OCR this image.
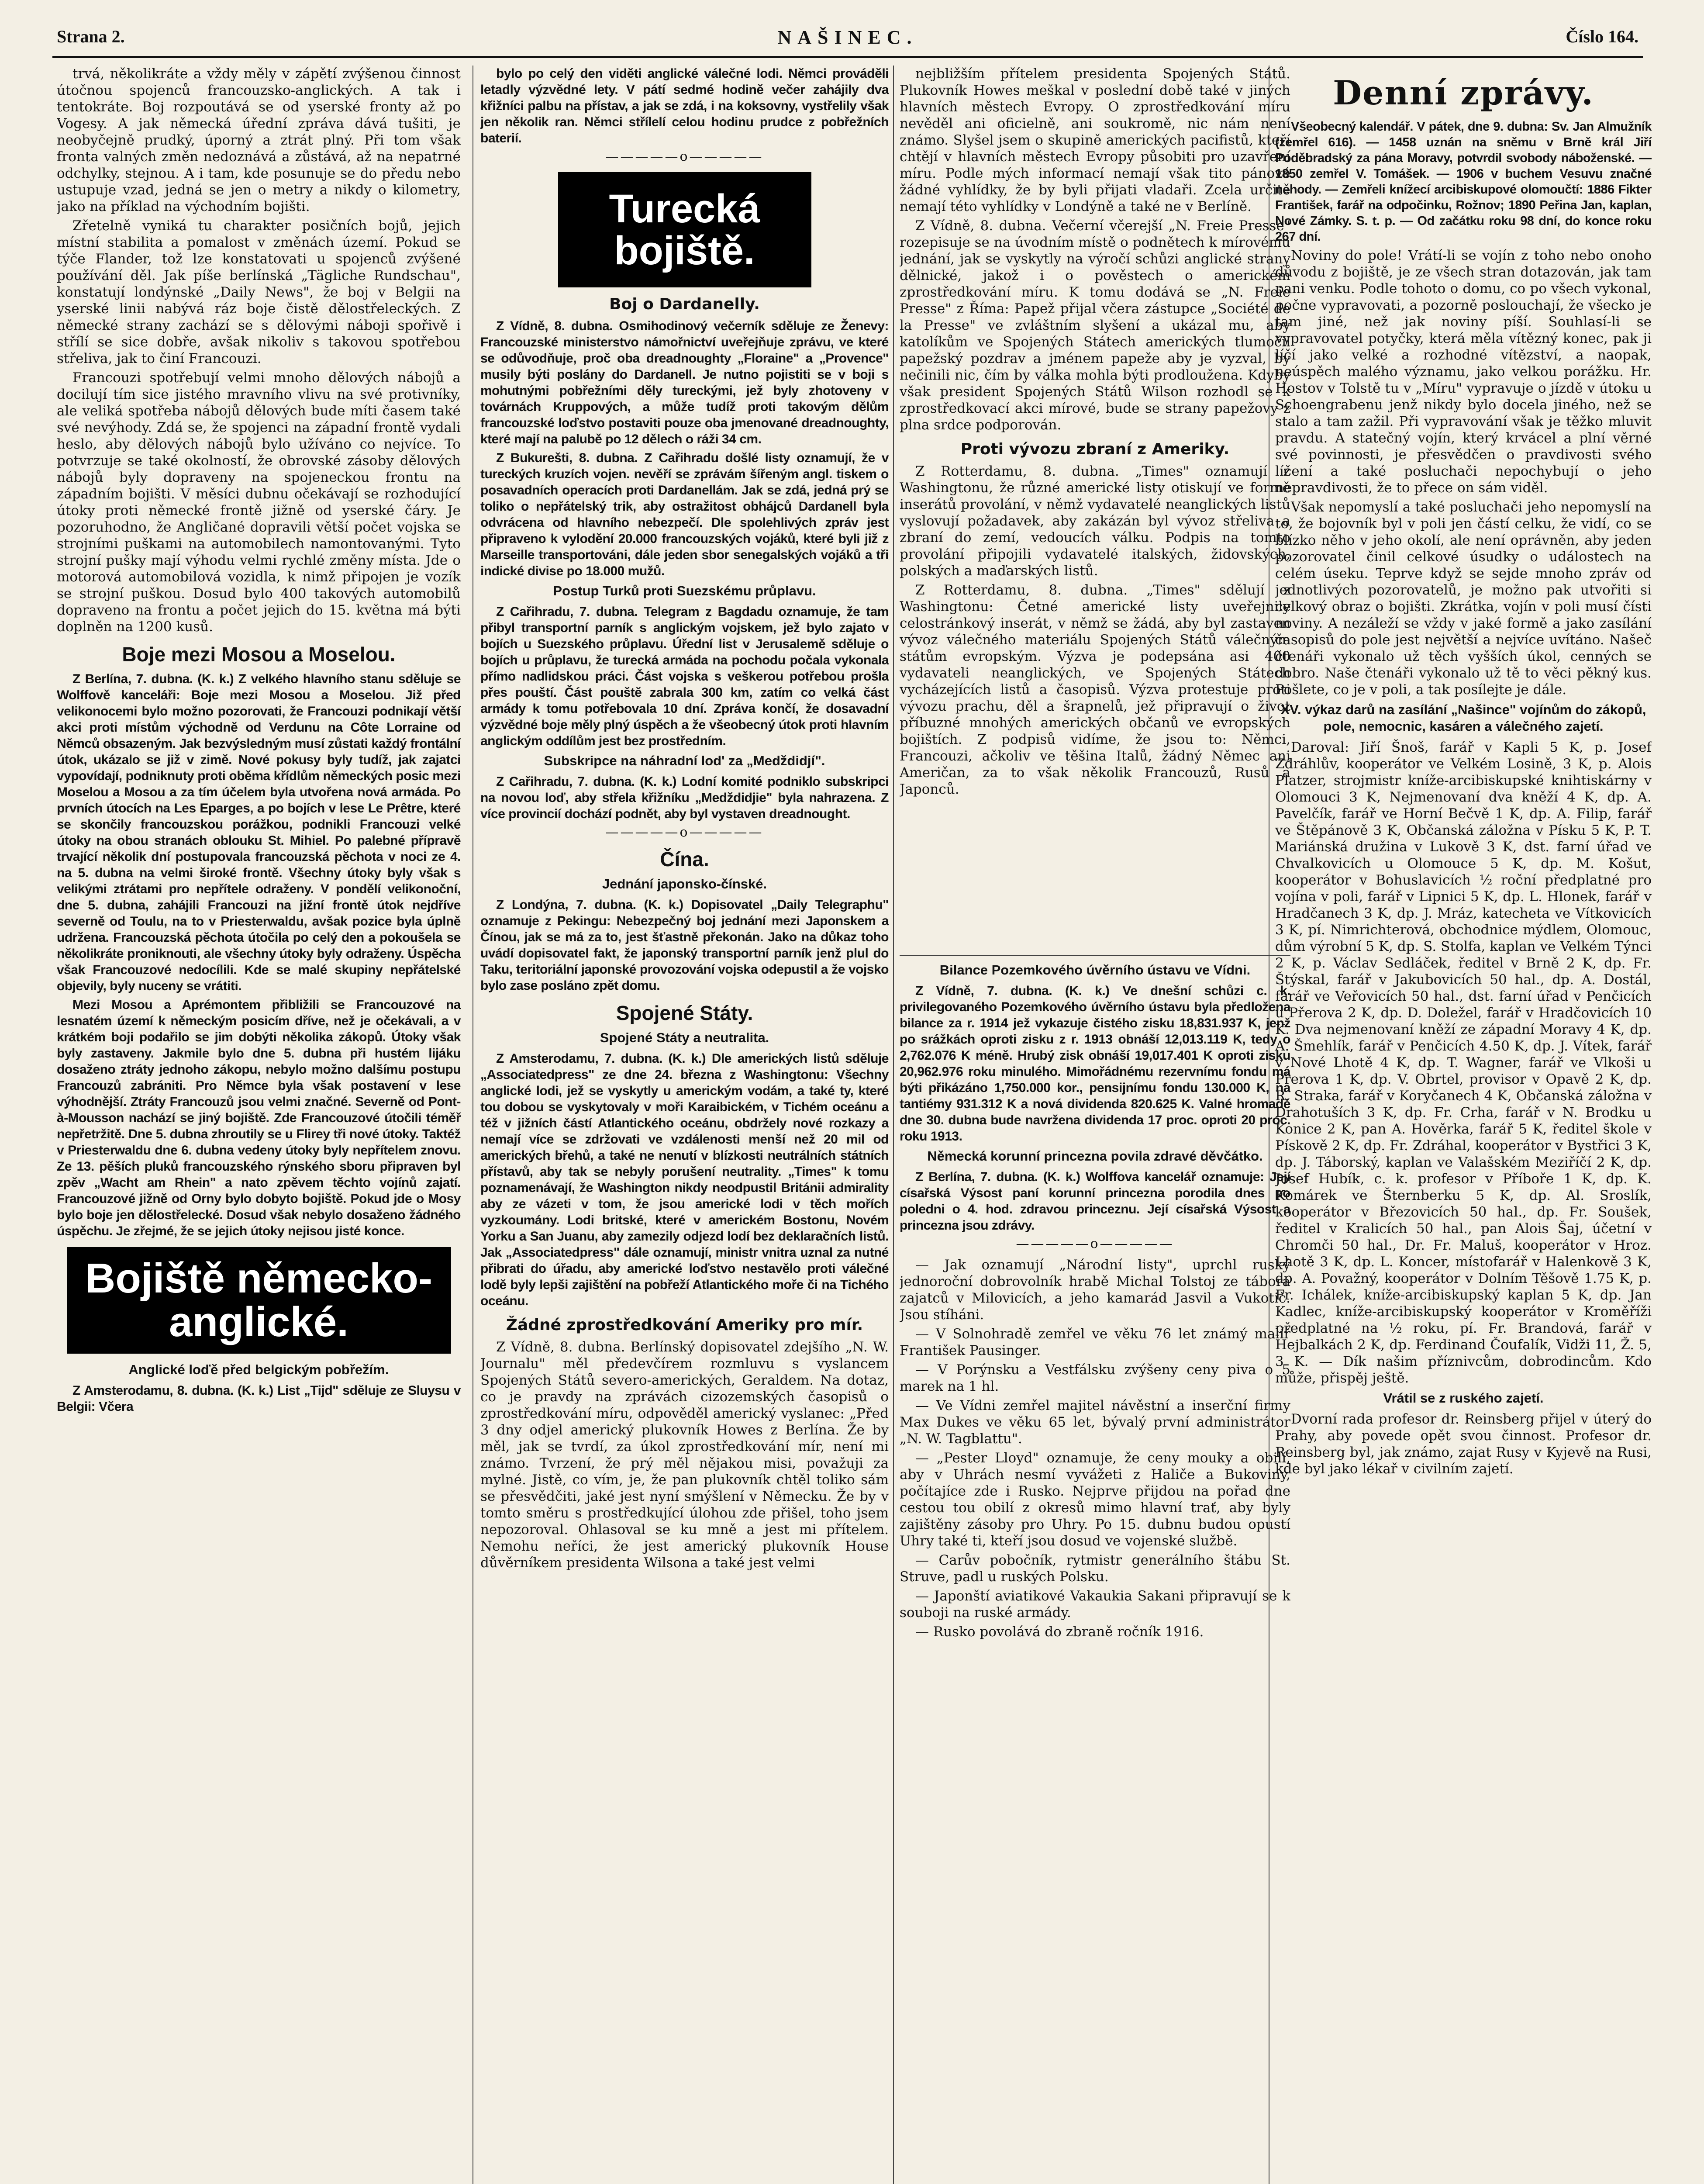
Strana 2.	NAŠINEC.	Číslo 164.

trvá, několikráte a vždy měly v zápětí zvýšenou činnost útočnou spojenců francouzsko-anglických. A tak i tentokráte. Boj rozpoutává se od yserské fronty až po Vogesy. A jak německá úřední zpráva dává tušiti, je neobyčejně prudký, úporný a ztrát plný. Při tom však fronta valných změn nedoznává a zůstává, až na nepatrné odchylky, stejnou. A i tam, kde posunuje se do předu nebo ustupuje vzad, jedná se jen o metry a nikdy o kilometry, jako na příklad na východním bojišti.

Zřetelně vyniká tu charakter posičních bojů, jejich místní stabilita a pomalost v změnách území. Pokud se týče Flander, tož lze konstatovati u spojenců zvýšené používání děl. Jak píše berlínská „Tägliche Rundschau", konstatují londýnské „Daily News", že boj v Belgii na yserské linii nabývá ráz boje čistě dělostřeleckých. Z německé strany zachází se s dělovými náboji spořivě i střílí se sice dobře, avšak nikoliv s takovou spotřebou střeliva, jak to činí Francouzi.

Francouzi spotřebují velmi mnoho dělových nábojů a docilují tím sice jistého mravního vlivu na své protivníky, ale veliká spotřeba nábojů dělových bude míti časem také své nevýhody. Zdá se, že spojenci na západní frontě vydali heslo, aby dělových nábojů bylo užíváno co nejvíce. To potvrzuje se také okolností, že obrovské zásoby dělových nábojů byly dopraveny na spojeneckou frontu na západním bojišti. V měsíci dubnu očekávají se rozhodující útoky proti německé frontě jižně od yserské čáry. Je pozoruhodno, že Angličané dopravili větší počet vojska se strojními puškami na automobilech namontovanými. Tyto strojní pušky mají výhodu velmi rychlé změny místa. Jde o motorová automobilová vozidla, k nimž připojen je vozík se strojní puškou. Dosud bylo 400 takových automobilů dopraveno na frontu a počet jejich do 15. května má býti doplněn na 1200 kusů.

Boje mezi Mosou a Moselou.

Z Berlína, 7. dubna. (K. k.) Z velkého hlavního stanu sděluje se Wolffově kanceláři: Boje mezi Mosou a Moselou. Již před velikonocemi bylo možno pozorovati, že Francouzi podnikají větší akci proti místům východně od Verdunu na Côte Lorraine od Němců obsazeným. Jak bezvýsledným musí zůstati každý frontální útok, ukázalo se již v zimě. Nové pokusy byly tudíž, jak zajatci vypovídají, podniknuty proti oběma křídlům německých posic mezi Moselou a Mosou a za tím účelem byla utvořena nová armáda. Po prvních útocích na Les Eparges, a po bojích v lese Le Prêtre, které se skončily francouzskou porážkou, podnikli Francouzi velké útoky na obou stranách oblouku St. Mihiel. Po palebné přípravě trvající několik dní postupovala francouzská pěchota v noci ze 4. na 5. dubna na velmi široké frontě. Všechny útoky byly však s velikými ztrátami pro nepřítele odraženy. V pondělí velikonoční, dne 5. dubna, zahájili Francouzi na jižní frontě útok nejdříve severně od Toulu, na to v Priesterwaldu, avšak pozice byla úplně udržena. Francouzská pěchota útočila po celý den a pokoušela se několikráte proniknouti, ale všechny útoky byly odraženy. Úspěcha však Francouzové nedocílili. Kde se malé skupiny nepřátelské objevily, byly nuceny se vrátiti.

Mezi Mosou a Aprémontem přibližili se Francouzové na lesnatém území k německým posicím dříve, než je očekávali, a v krátkém boji podařilo se jim dobýti několika zákopů. Útoky však byly zastaveny. Jakmile bylo dne 5. dubna při hustém lijáku dosaženo ztráty jednoho zákopu, nebylo možno dalšímu postupu Francouzů zabrániti. Pro Němce byla však postavení v lese výhodnější. Ztráty Francouzů jsou velmi značné. Severně od Pont-à-Mousson nachází se jiný bojiště. Zde Francouzové útočili téměř nepřetržitě. Dne 5. dubna zhroutily se u Flirey tři nové útoky. Taktéž v Priesterwaldu dne 6. dubna vedeny útoky byly nepřítelem znovu. Ze 13. pěších pluků francouzského rýnského sboru připraven byl zpěv „Wacht am Rhein" a nato zpěvem těchto vojínů zajatí. Francouzové jižně od Orny bylo dobyto bojiště. Pokud jde o Mosy bylo boje jen dělostřelecké. Dosud však nebylo dosaženo žádného úspěchu. Je zřejmé, že se jejich útoky nejisou jisté konce.

Bojiště německo-anglické.
Anglické loďě před belgickým pobřežím.

Z Amsterodamu, 8. dubna. (K. k.) List „Tijd" sděluje ze Sluysu v Belgii: Včera

bylo po celý den viděti anglické válečné lodi. Němci prováděli letadly výzvědné lety. V pátí sedmé hodině večer zahájily dva křižníci palbu na přístav, a jak se zdá, i na koksovny, vystřelily však jen několik ran. Němci střílelí celou hodinu prudce z pobřežních baterií.

—————o—————
Turecká bojiště.
Boj o Dardanelly.

Z Vídně, 8. dubna. Osmihodinový večerník sděluje ze Ženevy: Francouzské ministerstvo námořnictví uveřejňuje zprávu, ve které se odůvodňuje, proč oba dreadnoughty „Floraine" a „Provence" musily býti poslány do Dardanell. Je nutno pojistiti se v boji s mohutnými pobřežními děly tureckými, jež byly zhotoveny v továrnách Kruppových, a může tudíž proti takovým dělům francouzské loďstvo postaviti pouze oba jmenované dreadnoughty, které mají na palubě po 12 dělech o ráži 34 cm.

Z Bukurešti, 8. dubna. Z Cařihradu došlé listy oznamují, že v tureckých kruzích vojen. nevěří se zprávám šířeným angl. tiskem o posavadních operacích proti Dardanellám. Jak se zdá, jedná prý se toliko o nepřátelský trik, aby ostražitost obhájců Dardanell byla odvrácena od hlavního nebezpečí. Dle spolehlivých zpráv jest připraveno k vylodění 20.000 francouzských vojáků, které byli již z Marseille transportováni, dále jeden sbor senegalských vojáků a tři indické divise po 18.000 mužů.

Postup Turků proti Suezskému průplavu.

Z Cařihradu, 7. dubna. Telegram z Bagdadu oznamuje, že tam přibyl transportní parník s anglickým vojskem, jež bylo zajato v bojích u Suezského průplavu. Úřední list v Jerusalemě sděluje o bojích u průplavu, že turecká armáda na pochodu počala vykonala přímo nadlidskou práci. Část vojska s veškerou potřebou prošla přes pouští. Část pouště zabrala 300 km, zatím co velká část armády k tomu potřebovala 10 dní. Zpráva končí, že dosavadní výzvědné boje měly plný úspěch a že všeobecný útok proti hlavním anglickým oddílům jest bez prostředním.

Subskripce na náhradní lod' za „Medždidjí".

Z Cařihradu, 7. dubna. (K. k.) Lodní komité podniklo subskripci na novou loď, aby střela křižníku „Medždidjie" byla nahrazena. Z více provincií dochází podnět, aby byl vystaven dreadnought.

—————o—————
Čína.
Jednání japonsko-čínské.

Z Londýna, 7. dubna. (K. k.) Dopisovatel „Daily Telegraphu" oznamuje z Pekingu: Nebezpečný boj jednání mezi Japonskem a Čínou, jak se má za to, jest šťastně překonán. Jako na důkaz toho uvádí dopisovatel fakt, že japonský transportní parník jenž plul do Taku, teritoriální japonské provozování vojska odepustil a že vojsko bylo zase posláno zpět domu.

Spojené Státy.
Spojené Státy a neutralita.

Z Amsterodamu, 7. dubna. (K. k.) Dle amerických listů sděluje „Associatedpress" ze dne 24. března z Washingtonu: Všechny anglické lodi, jež se vyskytly u americkým vodám, a také ty, které tou dobou se vyskytovaly v moři Karaibickém, v Tichém oceánu a též v jižních částí Atlantického oceánu, obdržely nové rozkazy a nemají více se zdržovati ve vzdálenosti menší než 20 mil od amerických břehů, a také ne nenutí v blízkosti neutrálních státních přístavů, aby tak se nebyly porušení neutrality. „Times" k tomu poznamenávají, že Washington nikdy neodpustil Británii admirality aby ze vázeti v tom, že jsou americké lodi v těch mořích vyzkoumány. Lodi britské, které v americkém Bostonu, Novém Yorku a San Juanu, aby zamezily odjezd lodí bez deklaračních listů. Jak „Associatedpress" dále oznamují, ministr vnitra uznal za nutné přibrati do úřadu, aby americké loďstvo nestavělo proti válečné lodě byly lepši zajištění na pobřeží Atlantického moře či na Tichého oceánu.

Žádné zprostředkování Ameriky pro mír.

Z Vídně, 8. dubna. Berlínský dopisovatel zdejšího „N. W. Journalu" měl předevčírem rozmluvu s vyslancem Spojených Států severo-amerických, Geraldem. Na dotaz, co je pravdy na zprávách cizozemských časopisů o zprostředkování míru, odpověděl americký vyslanec: „Před 3 dny odjel americký plukovník Howes z Berlína. Že by měl, jak se tvrdí, za úkol zprostředkování mír, není mi známo. Tvrzení, že prý měl nějakou misi, považuji za mylné. Jistě, co vím, je, že pan plukovník chtěl toliko sám se přesvědčiti, jaké jest nyní smýšlení v Německu. Že by v tomto směru s prostředkující úlohou zde přišel, toho jsem nepozoroval. Ohlasoval se ku mně a jest mi přítelem. Nemohu neříci, že jest americký plukovník House důvěrníkem presidenta Wilsona a také jest velmi

nejbližším přítelem presidenta Spojených Států. Plukovník Howes meškal v poslední době také v jiných hlavních městech Evropy. O zprostředkování míru nevěděl ani oficielně, ani soukromě, nic nám není známo. Slyšel jsem o skupině amerických pacifistů, kteří chtějí v hlavních městech Evropy působiti pro uzavření míru. Podle mých informací nemají však tito pánové žádné vyhlídky, že by byli přijati vladaři. Zcela určitě nemají této vyhlídky v Londýně a také ne v Berlíně.

Z Vídně, 8. dubna. Večerní včerejší „N. Freie Presse" rozepisuje se na úvodním místě o podnětech k mírovému jednání, jak se vyskytly na výročí schůzi anglické strany dělnické, jakož i o pověstech o americkém zprostředkování míru. K tomu dodává se „N. Freie Presse" z Říma: Papež přijal včera zástupce „Société de la Presse" ve zvláštním slyšení a ukázal mu, aby katolíkům ve Spojených Státech amerických tlumočil papežský pozdrav a jménem papeže aby je vyzval, by nečinili nic, čím by válka mohla býti prodloužena. Kdyby však president Spojených Států Wilson rozhodl se k zprostředkovací akci mírové, bude se strany papežovy z plna srdce podporován.

Proti vývozu zbraní z Ameriky.

Z Rotterdamu, 8. dubna. „Times" oznamují z Washingtonu, že různé americké listy otiskují ve formě inserátů provolání, v němž vydavatelé neanglických listů vyslovují požadavek, aby zakázán byl vývoz střeliva a zbraní do zemí, vedoucích válku. Podpis na tomto provolání připojili vydavatelé italských, židovských, polských a maďarských listů.

Z Rotterdamu, 8. dubna. „Times" sdělují z Washingtonu: Četné americké listy uveřejnily celostránkový inserát, v němž se žádá, aby byl zastaven vývoz válečného materiálu Spojených Států válečným státům evropským. Výzva je podepsána asi 400 vydavateli neanglických, ve Spojených Státech vycházejících listů a časopisů. Výzva protestuje proti vývozu prachu, děl a šrapnelů, jež připravují o život příbuzné mnohých amerických občanů ve evropských bojištích. Z podpisů vidíme, že jsou to: Němci, Francouzi, ačkoliv ve těšina Italů, žádný Němec ani Američan, za to však několik Francouzů, Rusů a Japonců.

Bilance Pozemkového úvěrního ústavu ve Vídni.

Z Vídně, 7. dubna. (K. k.) Ve dnešní schůzi c. k. privilegovaného Pozemkového úvěrního ústavu byla předložena bilance za r. 1914 jež vykazuje čistého zisku 18,831.937 K, jenž po srážkách oproti zisku z r. 1913 obnáší 12,013.119 K, tedy o 2,762.076 K méně. Hrubý zisk obnáší 19,017.401 K oproti zisku 20,962.976 roku minulého. Mimořádnému rezervnímu fondu má býti přikázáno 1,750.000 kor., pensijnímu fondu 130.000 K, na tantiémy 931.312 K a nová dividenda 820.625 K. Valné hromadě dne 30. dubna bude navržena dividenda 17 proc. oproti 20 proc. roku 1913.

Německá korunní princezna povila zdravé děvčátko.

Z Berlína, 7. dubna. (K. k.) Wolffova kancelář oznamuje: Její císařská Výsost paní korunní princezna porodila dnes po poledni o 4. hod. zdravou princeznu. Její císařská Výsost a princezna jsou zdrávy.

—————o—————

— Jak oznamují „Národní listy", uprchl ruský jednoroční dobrovolník hrabě Michal Tolstoj ze tábora zajatců v Milovicích, a jeho kamarád Jasvil a Vukotič. Jsou stíháni.

— V Solnohradě zemřel ve věku 76 let známý malíř František Pausinger.

— V Porýnsku a Vestfálsku zvýšeny ceny piva o 5 marek na 1 hl.

— Ve Vídni zemřel majitel návěstní a inserční firmy Max Dukes ve věku 65 let, bývalý první administrátor „N. W. Tagblattu".

— „Pester Lloyd" oznamuje, že ceny mouky a obilí, aby v Uhrách nesmí vyvážeti z Haliče a Bukoviny, počítajíce zde i Rusko. Nejprve přijdou na pořad dne cestou tou obilí z okresů mimo hlavní trať, aby byly zajištěny zásoby pro Uhry. Po 15. dubnu budou opustí Uhry také ti, kteří jsou dosud ve vojenské službě.

— Carův pobočník, rytmistr generálního štábu St. Struve, padl u ruských Polsku.

— Japonští aviatikové Vakaukia Sakani připravují se k souboji na ruské armády.

— Rusko povolává do zbraně ročník 1916.

Denní zprávy.

Všeobecný kalendář. V pátek, dne 9. dubna: Sv. Jan Almužník (zemřel 616). — 1458 uznán na sněmu v Brně král Jiří Poděbradský za pána Moravy, potvrdil svobody náboženské. — 1850 zemřel V. Tomášek. — 1906 v buchem Vesuvu značné nehody. — Zemřeli knížecí arcibiskupové olomoučtí: 1886 Fikter František, farář na odpočinku, Rožnov; 1890 Peřina Jan, kaplan, Nové Zámky. S. t. p. — Od začátku roku 98 dní, do konce roku 267 dní.

Noviny do pole! Vrátí-li se vojín z toho nebo onoho důvodu z bojiště, je ze všech stran dotazován, jak tam pani venku. Podle tohoto o domu, co po všech vykonal, počne vypravovati, a pozorně poslouchají, že všecko je tam jiné, než jak noviny píší. Souhlasí-li se vypravovatel potyčky, která měla vítězný konec, pak ji líčí jako velké a rozhodné vítězství, a naopak, neúspěch malého významu, jako velkou porážku. Hr. Hostov v Tolstě tu v „Míru" vypravuje o jízdě v útoku u Schoengrabenu jenž nikdy bylo docela jiného, než se stalo a tam zažil. Při vypravování však je těžko mluvit pravdu. A statečný vojín, který krvácel a plní věrné své povinnosti, je přesvědčen o pravdivosti svého líčení a také posluchači nepochybují o jeho nepravdivosti, že to přece on sám viděl.

Však nepomyslí a také posluchači jeho nepomyslí na to, že bojovník byl v poli jen částí celku, že vidí, co se blízko něho v jeho okolí, ale není oprávněn, aby jeden pozorovatel činil celkové úsudky o událostech na celém úseku. Teprve když se sejde mnoho zpráv od jednotlivých pozorovatelů, je možno pak utvořiti si celkový obraz o bojišti. Zkrátka, vojín v poli musí čísti noviny. A nezáleží se vždy v jaké formě a jako zasílání časopisů do pole jest největší a nejvíce uvítáno. Našeč čtenáři vykonalo už těch vyšších úkol, cenných se dobro. Naše čtenáři vykonalo už tě to věci pěkný kus. Pošlete, co je v poli, a tak posílejte je dále.

XV. výkaz darů na zasílání „Našince" vojínům do zákopů, pole, nemocnic, kasáren a válečného zajetí.

Daroval: Jiří Šnoš, farář v Kapli 5 K, p. Josef Zdráhlův, kooperátor ve Velkém Losině, 3 K, p. Alois Platzer, strojmistr kníže-arcibiskupské knihtiskárny v Olomouci 3 K, Nejmenovaní dva kněží 4 K, dp. A. Pavelčík, farář ve Horní Bečvě 1 K, dp. A. Filip, farář ve Štěpánově 3 K, Občanská záložna v Písku 5 K, P. T. Mariánská družina v Lukově 3 K, dst. farní úřad ve Chvalkovicích u Olomouce 5 K, dp. M. Košut, kooperátor v Bohuslavicích ½ roční předplatné pro vojína v poli, farář v Lipnici 5 K, dp. L. Hlonek, farář v Hradčanech 3 K, dp. J. Mráz, katecheta ve Vítkovicích 3 K, pí. Nimrichterová, obchodnice mýdlem, Olomouc, dům výrobní 5 K, dp. S. Stolfa, kaplan ve Velkém Týnci 2 K, p. Václav Sedláček, ředitel v Brně 2 K, dp. Fr. Štýskal, farář v Jakubovicích 50 hal., dp. A. Dostál, farář ve Veřovicích 50 hal., dst. farní úřad v Penčicích u Přerova 2 K, dp. D. Doležel, farář v Hradčovicích 10 K. Dva nejmenovaní kněží ze západní Moravy 4 K, dp. A. Šmehlík, farář v Penčicích 4.50 K, dp. J. Vítek, farář v Nové Lhotě 4 K, dp. T. Wagner, farář ve Vlkoši u Přerova 1 K, dp. V. Obrtel, provisor v Opavě 2 K, dp. R. Straka, farář v Koryčanech 4 K, Občanská záložna v Drahotuších 3 K, dp. Fr. Crha, farář v N. Brodku u Konice 2 K, pan A. Hověrka, farář 5 K, ředitel škole v Pískově 2 K, dp. Fr. Zdráhal, kooperátor v Bystřici 3 K, dp. J. Táborský, kaplan ve Valašském Meziříčí 2 K, dp. Josef Hubík, c. k. profesor v Příboře 1 K, dp. K. Komárek ve Šternberku 5 K, dp. Al. Sroslík, kooperátor v Březovicích 50 hal., dp. Fr. Soušek, ředitel v Kralicích 50 hal., pan Alois Šaj, účetní v Chromči 50 hal., Dr. Fr. Maluš, kooperátor v Hroz. Lhotě 3 K, dp. L. Koncer, místofarář v Halenkově 3 K, dp. A. Považný, kooperátor v Dolním Těšově 1.75 K, p. Fr. Ichálek, kníže-arcibiskupský kaplan 5 K, dp. Jan Kadlec, kníže-arcibiskupský kooperátor v Kroměříži předplatné na ½ roku, pí. Fr. Brandová, farář v Hejbalkách 2 K, dp. Ferdinand Čoufalík, Vidži 11, Ž. 5, 3 K. — Dík našim příznivcům, dobrodincům. Kdo může, přispěj ještě.

Vrátil se z ruského zajetí.

Dvorní rada profesor dr. Reinsberg přijel v úterý do Prahy, aby povede opět svou činnost. Profesor dr. Reinsberg byl, jak známo, zajat Rusy v Kyjevě na Rusi, kde byl jako lékař v civilním zajetí.
